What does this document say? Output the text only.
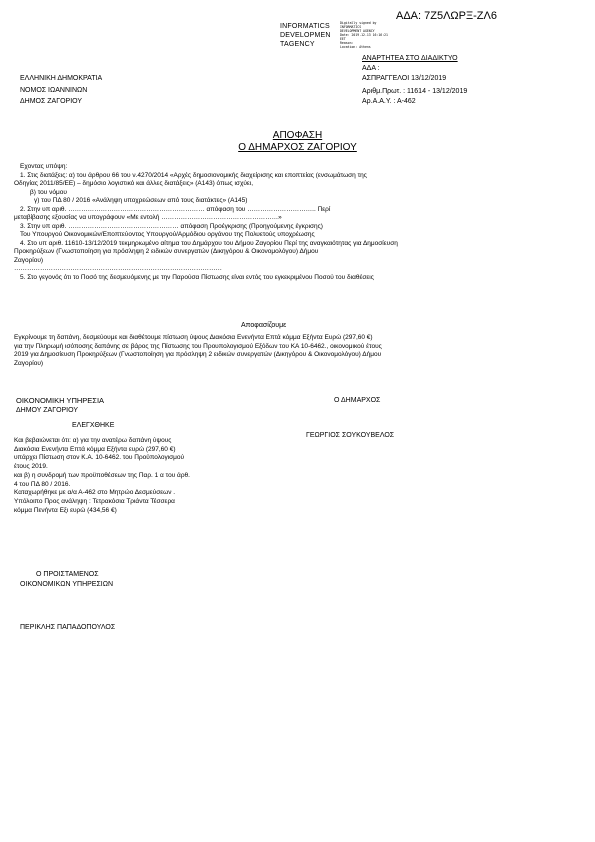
ΑΔΑ: 7Ζ5ΛΩΡΞ-ΖΛ6
INFORMATICS
DEVELOPMEN
TAGENCY
Digitally signed by
INFORMATICS
DEVELOPMENT AGENCY
Date: 2019.12.13 16:16:21
EET
Reason:
Location: Athens
ΑΝΑΡΤΗΤΕΑ ΣΤΟ ΔΙΑΔΙΚΤΥΟ
ΑΔΑ :
ΑΣΠΡΑΓΓΕΛΟΙ 13/12/2019
Αριθμ.Πρωτ. : 11614 - 13/12/2019
Αρ.Α.Α.Υ. : Α-462
ΕΛΛΗΝΙΚΗ ΔΗΜΟΚΡΑΤΙΑ
ΝΟΜΟΣ ΙΩΑΝΝΙΝΩΝ
ΔΗΜΟΣ ΖΑΓΟΡΙΟΥ
ΑΠΟΦΑΣΗ
Ο ΔΗΜΑΡΧΟΣ ΖΑΓΟΡΙΟΥ
Εχοντας υπόψη:
1. Στις διατάξεις: α) του άρθρου 66 του ν.4270/2014 «Αρχές δημοσιονομικής διαχείρισης και εποπτείας (ενσωμάτωση της
Οδηγίας 2011/85/ΕΕ) – δημόσιο λογιστικό και άλλες διατάξεις» (Α143) όπως ισχύει,
β) του νόμου
γ) του ΠΔ 80 / 2016 «Ανάληψη υποχρεώσεων από τους διατάκτες» (Α145)
2. Στην υπ αριθ. ……………………………………………………… απόφαση του ………………………….. Περί
μεταβίβασης εξουσίας να υπογράφουν «Με εντολή ………………………………………………»
3. Στην υπ αριθ. …………………………………………… απόφαση Προέγκρισης (Προηγούμενης έγκρισης)
Του Υπουργού Οικονομικών/Εποπτεύοντος Υπουργού/Αρμόδιου οργάνου της Πολυετούς υποχρέωσης
4. Στο υπ αριθ. 11610-13/12/2019 τεκμηριωμένο αίτημα του Δημάρχου του Δήμου Ζαγορίου Περί της αναγκαιότητας για Δημοσίευση
Προκηρύξεων (Γνωστοποίηση για πρόσληψη 2 ειδικών συνεργατών (Δικηγόρου & Οικονομολόγου) Δήμου
Ζαγορίου)
……………………………………………………………………………………
5. Στο γεγονός ότι το Ποσό της δεσμευόμενης με την Παρούσα Πίστωσης είναι εντός του εγκεκριμένου Ποσού του διαθέσεις
Αποφασίζουμε
Εγκρίνουμε τη δαπάνη, δεσμεύουμε και διαθέτουμε πίστωση ύψους Διακόσια Ενενήντα Επτά κόμμα Εξήντα Ευρώ (297,60 €)
για την Πληρωμή ισόποσης δαπάνης σε βάρος της Πίστωσης του Προυπολογισμού Εξόδων του ΚΑ 10-6462., οικονομικού έτους
2019 για Δημοσίευση Προκηρύξεων (Γνωστοποίηση για πρόσληψη 2 ειδικών συνεργατών (Δικηγόρου & Οικονομολόγου) Δήμου
Ζαγορίου)
ΟΙΚΟΝΟΜΙΚΗ ΥΠΗΡΕΣΙΑ
ΔΗΜΟΥ ΖΑΓΟΡΙΟΥ
Ο ΔΗΜΑΡΧΟΣ
ΕΛΕΓΧΘΗΚΕ
ΓΕΩΡΓΙΟΣ ΣΟΥΚΟΥΒΕΛΟΣ
Και βεβαιώνεται ότι: α) για την ανατέρω δαπάνη ύψους
Διακόσια Ενενήντα Επτά κόμμα Εξήντα ευρώ (297,60 €)
υπάρχει Πίστωση στον Κ.Α. 10-6462. του Προϋπολογισμού
έτους 2019.
και β) η συνδρομή των προϋποθέσεων της Παρ. 1 α του άρθ.
4 του ΠΔ 80 / 2016.
Καταχωρήθηκε με α/α Α-462 στο Μητρώο Δεσμεύσεων .
Υπόλοιπο Προς ανάληψη : Τετρακόσια Τριάντα Τέσσερα
κόμμα Πενήντα Εξι ευρώ (434,56 €)
Ο ΠΡΟΙΣΤΑΜΕΝΟΣ
ΟΙΚΟΝΟΜΙΚΩΝ ΥΠΗΡΕΣΙΩΝ
ΠΕΡΙΚΛΗΣ ΠΑΠΑΔΟΠΟΥΛΟΣ
